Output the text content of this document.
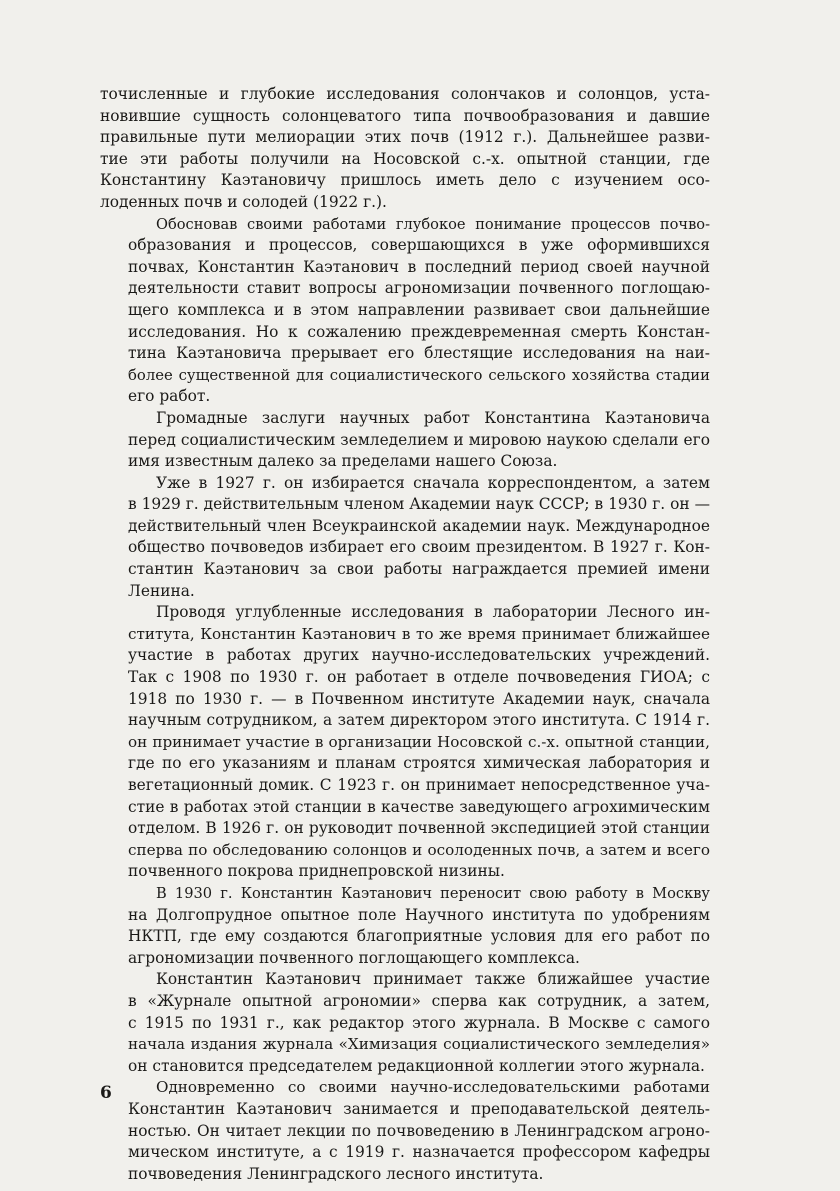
точисленные и глубокие исследования солончаков и солонцов, уста-
новившие сущность солонцеватого типа почвообразования и давшие
правильные пути мелиорации этих почв (1912 г.). Дальнейшее разви-
тие эти работы получили на Носовской с.-х. опытной станции, где
Константину Каэтановичу пришлось иметь дело с изучением осо-
лоденных почв и солодей (1922 г.).
Обосновав своими работами глубокое понимание процессов почво-
образования и процессов, совершающихся в уже оформившихся
почвах, Константин Каэтанович в последний период своей научной
деятельности ставит вопросы агрономизации почвенного поглощаю-
щего комплекса и в этом направлении развивает свои дальнейшие
исследования. Но к сожалению преждевременная смерть Констан-
тина Каэтановича прерывает его блестящие исследования на наи-
более существенной для социалистического сельского хозяйства стадии
его работ.
Громадные заслуги научных работ Константина Каэтановича
перед социалистическим земледелием и мировою наукою сделали его
имя известным далеко за пределами нашего Союза.
Уже в 1927 г. он избирается сначала корреспондентом, а затем
в 1929 г. действительным членом Академии наук СССР; в 1930 г. он —
действительный член Всеукраинской академии наук. Международное
общество почвоведов избирает его своим президентом. В 1927 г. Кон-
стантин Каэтанович за свои работы награждается премией имени
Ленина.
Проводя углубленные исследования в лаборатории Лесного ин-
ститута, Константин Каэтанович в то же время принимает ближайшее
участие в работах других научно-исследовательских учреждений.
Так с 1908 по 1930 г. он работает в отделе почвоведения ГИОА; с
1918 по 1930 г. — в Почвенном институте Академии наук, сначала
научным сотрудником, а затем директором этого института. С 1914 г.
он принимает участие в организации Носовской с.-х. опытной станции,
где по его указаниям и планам строятся химическая лаборатория и
вегетационный домик. С 1923 г. он принимает непосредственное уча-
стие в работах этой станции в качестве заведующего агрохимическим
отделом. В 1926 г. он руководит почвенной экспедицией этой станции
сперва по обследованию солонцов и осолоденных почв, а затем и всего
почвенного покрова приднепровской низины.
В 1930 г. Константин Каэтанович переносит свою работу в Москву
на Долгопрудное опытное поле Научного института по удобрениям
НКТП, где ему создаются благоприятные условия для его работ по
агрономизации почвенного поглощающего комплекса.
Константин Каэтанович принимает также ближайшее участие
в «Журнале опытной агрономии» сперва как сотрудник, а затем,
с 1915 по 1931 г., как редактор этого журнала. В Москве с самого
начала издания журнала «Химизация социалистического земледелия»
он становится председателем редакционной коллегии этого журнала.
Одновременно со своими научно-исследовательскими работами
Константин Каэтанович занимается и преподавательской деятель-
ностью. Он читает лекции по почвоведению в Ленинградском агроно-
мическом институте, а с 1919 г. назначается профессором кафедры
почвоведения Ленинградского лесного института.
6
